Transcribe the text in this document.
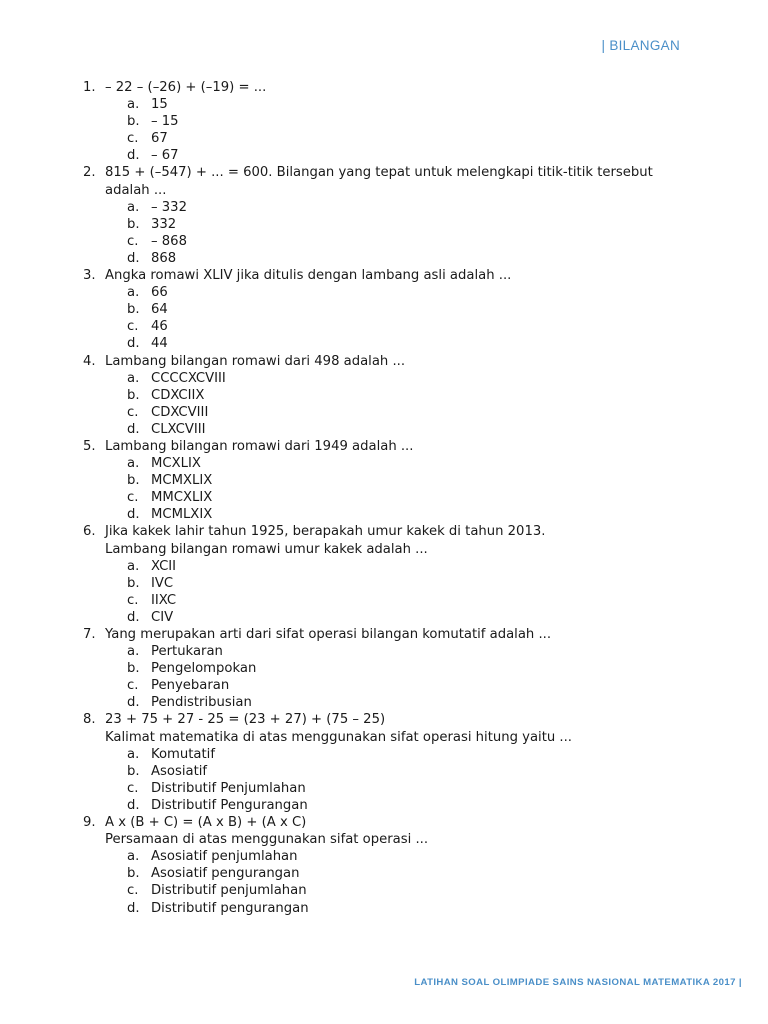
| BILANGAN
1. – 22 – (–26) + (–19) = ...
a. 15
b. – 15
c. 67
d. – 67
2. 815 + (–547) + ... = 600. Bilangan yang tepat untuk melengkapi titik-titik tersebut
adalah ...
a. – 332
b. 332
c. – 868
d. 868
3. Angka romawi XLIV jika ditulis dengan lambang asli adalah ...
a. 66
b. 64
c. 46
d. 44
4. Lambang bilangan romawi dari 498 adalah ...
a. CCCCXCVIII
b. CDXCIIX
c. CDXCVIII
d. CLXCVIII
5. Lambang bilangan romawi dari 1949 adalah ...
a. MCXLIX
b. MCMXLIX
c. MMCXLIX
d. MCMLXIX
6. Jika kakek lahir tahun 1925, berapakah umur kakek di tahun 2013.
Lambang bilangan romawi umur kakek adalah ...
a. XCII
b. IVC
c. IIXC
d. CIV
7. Yang merupakan arti dari sifat operasi bilangan komutatif adalah ...
a. Pertukaran
b. Pengelompokan
c. Penyebaran
d. Pendistribusian
8. 23 + 75 + 27 - 25 = (23 + 27) + (75 – 25)
Kalimat matematika di atas menggunakan sifat operasi hitung yaitu ...
a. Komutatif
b. Asosiatif
c. Distributif Penjumlahan
d. Distributif Pengurangan
9. A x (B + C) = (A x B) + (A x C)
Persamaan di atas menggunakan sifat operasi ...
a. Asosiatif penjumlahan
b. Asosiatif pengurangan
c. Distributif penjumlahan
d. Distributif pengurangan
LATIHAN SOAL OLIMPIADE SAINS NASIONAL MATEMATIKA 2017 |
